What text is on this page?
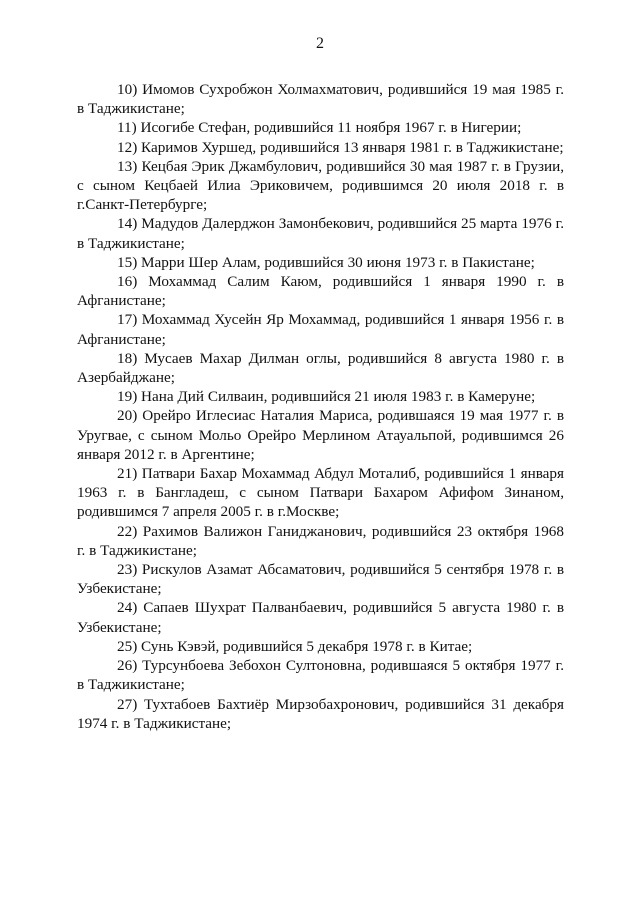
2

10) Имомов Сухробжон Холмахматович, родившийся 19 мая 1985 г. в Таджикистане;

11) Исогибе Стефан, родившийся 11 ноября 1967 г. в Нигерии;

12) Каримов Хуршед, родившийся 13 января 1981 г. в Таджикистане;

13) Кецбая Эрик Джамбулович, родившийся 30 мая 1987 г. в Грузии, с сыном Кецбаей Илиа Эриковичем, родившимся 20 июля 2018 г. в г.Санкт-Петербурге;

14) Мадудов Далерджон Замонбекович, родившийся 25 марта 1976 г. в Таджикистане;

15) Марри Шер Алам, родившийся 30 июня 1973 г. в Пакистане;

16) Мохаммад Салим Каюм, родившийся 1 января 1990 г. в Афганистане;

17) Мохаммад Хусейн Яр Мохаммад, родившийся 1 января 1956 г. в Афганистане;

18) Мусаев Махар Дилман оглы, родившийся 8 августа 1980 г. в Азербайджане;

19) Нана Дий Силваин, родившийся 21 июля 1983 г. в Камеруне;

20) Орейро Иглесиас Наталия Мариса, родившаяся 19 мая 1977 г. в Уругвае, с сыном Мольо Орейро Мерлином Атауальпой, родившимся 26 января 2012 г. в Аргентине;

21) Патвари Бахар Мохаммад Абдул Моталиб, родившийся 1 января 1963 г. в Бангладеш, с сыном Патвари Бахаром Афифом Зинаном, родившимся 7 апреля 2005 г. в г.Москве;

22) Рахимов Валижон Ганиджанович, родившийся 23 октября 1968 г. в Таджикистане;

23) Рискулов Азамат Абсаматович, родившийся 5 сентября 1978 г. в Узбекистане;

24) Сапаев Шухрат Палванбаевич, родившийся 5 августа 1980 г. в Узбекистане;

25) Сунь Кэвэй, родившийся 5 декабря 1978 г. в Китае;

26) Турсунбоева Зебохон Султоновна, родившаяся 5 октября 1977 г. в Таджикистане;

27) Тухтабоев Бахтиёр Мирзобахронович, родившийся 31 декабря 1974 г. в Таджикистане;
